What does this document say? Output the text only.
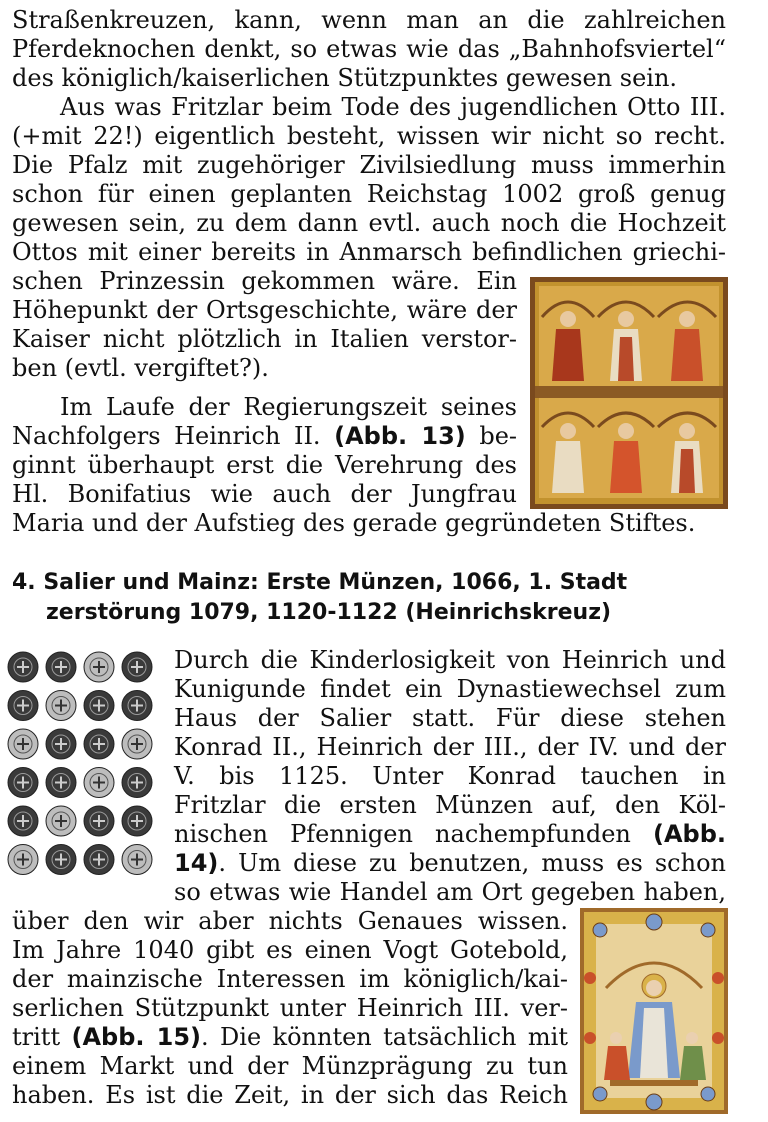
Straßenkreuzen, kann, wenn man an die zahlreichen
Pferdeknochen denkt, so etwas wie das „Bahnhofsviertel“
des königlich/kaiserlichen Stützpunktes gewesen sein.
Aus was Fritzlar beim Tode des jugendlichen Otto III.
(+mit 22!) eigentlich besteht, wissen wir nicht so recht.
Die Pfalz mit zugehöriger Zivilsiedlung muss immerhin
schon für einen geplanten Reichstag 1002 groß genug
gewesen sein, zu dem dann evtl. auch noch die Hochzeit
Ottos mit einer bereits in Anmarsch befindlichen griechi-
schen Prinzessin gekommen wäre. Ein
Höhepunkt der Ortsgeschichte, wäre der
Kaiser nicht plötzlich in Italien verstor-
ben (evtl. vergiftet?).
Im Laufe der Regierungszeit seines
Nachfolgers Heinrich II. (Abb. 13) be-
ginnt überhaupt erst die Verehrung des
Hl. Bonifatius wie auch der Jungfrau
Maria und der Aufstieg des gerade gegründeten Stiftes.
4. Salier und Mainz: Erste Münzen, 1066, 1. Stadt
zerstörung 1079, 1120-1122 (Heinrichskreuz)
Durch die Kinderlosigkeit von Heinrich und
Kunigunde findet ein Dynastiewechsel zum
Haus der Salier statt. Für diese stehen
Konrad II., Heinrich der III., der IV. und der
V. bis 1125. Unter Konrad tauchen in
Fritzlar die ersten Münzen auf, den Köl-
nischen Pfennigen nachempfunden (Abb.
14). Um diese zu benutzen, muss es schon
so etwas wie Handel am Ort gegeben haben,
über den wir aber nichts Genaues wissen.
Im Jahre 1040 gibt es einen Vogt Gotebold,
der mainzische Interessen im königlich/kai-
serlichen Stützpunkt unter Heinrich III. ver-
tritt (Abb. 15). Die könnten tatsächlich mit
einem Markt und der Münzprägung zu tun
haben. Es ist die Zeit, in der sich das Reich
